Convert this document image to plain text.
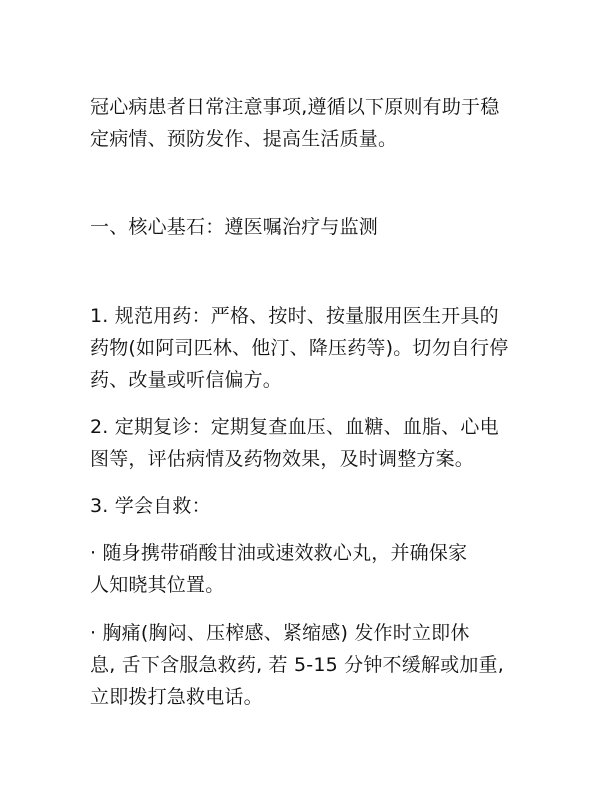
冠心病患者日常注意事项,遵循以下原则有助于稳
定病情、预防发作、提高生活质量。
一、核心基石：遵医嘱治疗与监测
1. 规范用药：严格、按时、按量服用医生开具的
药物(如阿司匹林、他汀、降压药等)。切勿自行停
药、改量或听信偏方。
2. 定期复诊：定期复查血压、血糖、血脂、心电
图等，评估病情及药物效果，及时调整方案。
3. 学会自救：
· 随身携带硝酸甘油或速效救心丸，并确保家
人知晓其位置。
· 胸痛(胸闷、压榨感、紧缩感) 发作时立即休
息, 舌下含服急救药, 若 5-15 分钟不缓解或加重,
立即拨打急救电话。
